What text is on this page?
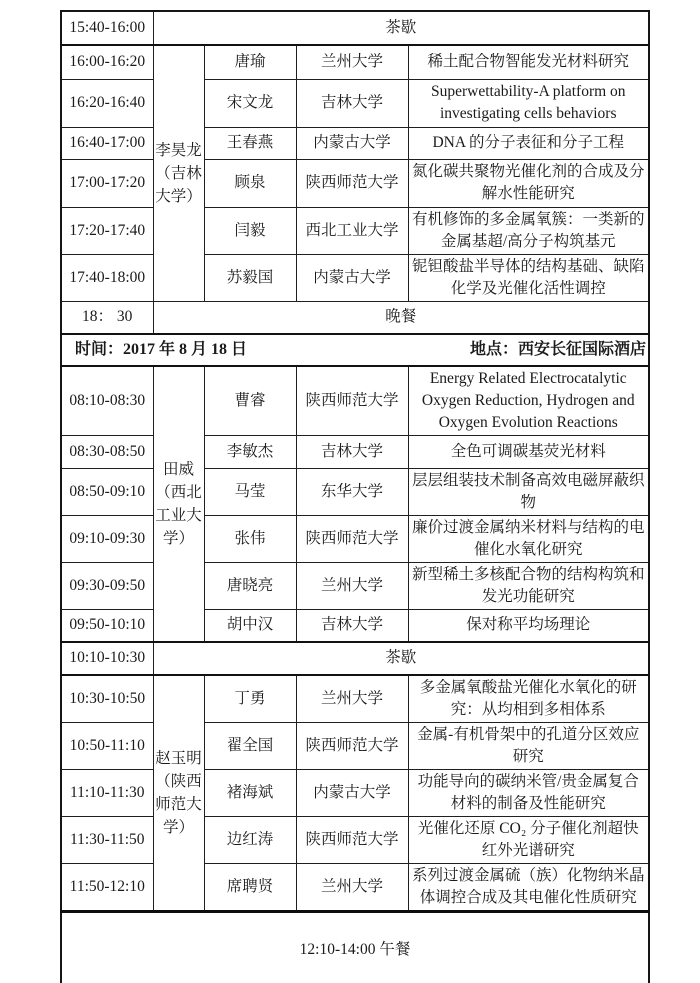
15:40-16:00	茶歇			
16:00-16:20	李昊龙（吉林大学）	唐瑜	兰州大学	稀土配合物智能发光材料研究
16:20-16:40		宋文龙	吉林大学	Superwettability-A platform on investigating cells behaviors
16:40-17:00		王春燕	内蒙古大学	DNA 的分子表征和分子工程
17:00-17:20		顾泉	陕西师范大学	氮化碳共聚物光催化剂的合成及分解水性能研究
17:20-17:40		闫毅	西北工业大学	有机修饰的多金属氧簇：一类新的金属基超/高分子构筑基元
17:40-18:00		苏毅国	内蒙古大学	铌钽酸盐半导体的结构基础、缺陷化学及光催化活性调控
18： 30	晚餐			

时间：2017 年 8 月 18 日 地点：西安长征国际酒店				

08:10-08:30	田威（西北工业大学）	曹睿	陕西师范大学	Energy Related Electrocatalytic Oxygen Reduction, Hydrogen and Oxygen Evolution Reactions
08:30-08:50		李敏杰	吉林大学	全色可调碳基荧光材料
08:50-09:10		马莹	东华大学	层层组装技术制备高效电磁屏蔽织物
09:10-09:30		张伟	陕西师范大学	廉价过渡金属纳米材料与结构的电催化水氧化研究
09:30-09:50		唐晓亮	兰州大学	新型稀土多核配合物的结构构筑和发光功能研究
09:50-10:10		胡中汉	吉林大学	保对称平均场理论
10:10-10:30	茶歇			
10:30-10:50	赵玉明（陕西师范大学）	丁勇	兰州大学	多金属氧酸盐光催化水氧化的研究：从均相到多相体系
10:50-11:10		翟全国	陕西师范大学	金属-有机骨架中的孔道分区效应研究
11:10-11:30		褚海斌	内蒙古大学	功能导向的碳纳米管/贵金属复合材料的制备及性能研究
11:30-11:50		边红涛	陕西师范大学	光催化还原 CO₂ 分子催化剂超快红外光谱研究
11:50-12:10		席聘贤	兰州大学	系列过渡金属硫（族）化物纳米晶体调控合成及其电催化性质研究
12:10-14:00 午餐				
